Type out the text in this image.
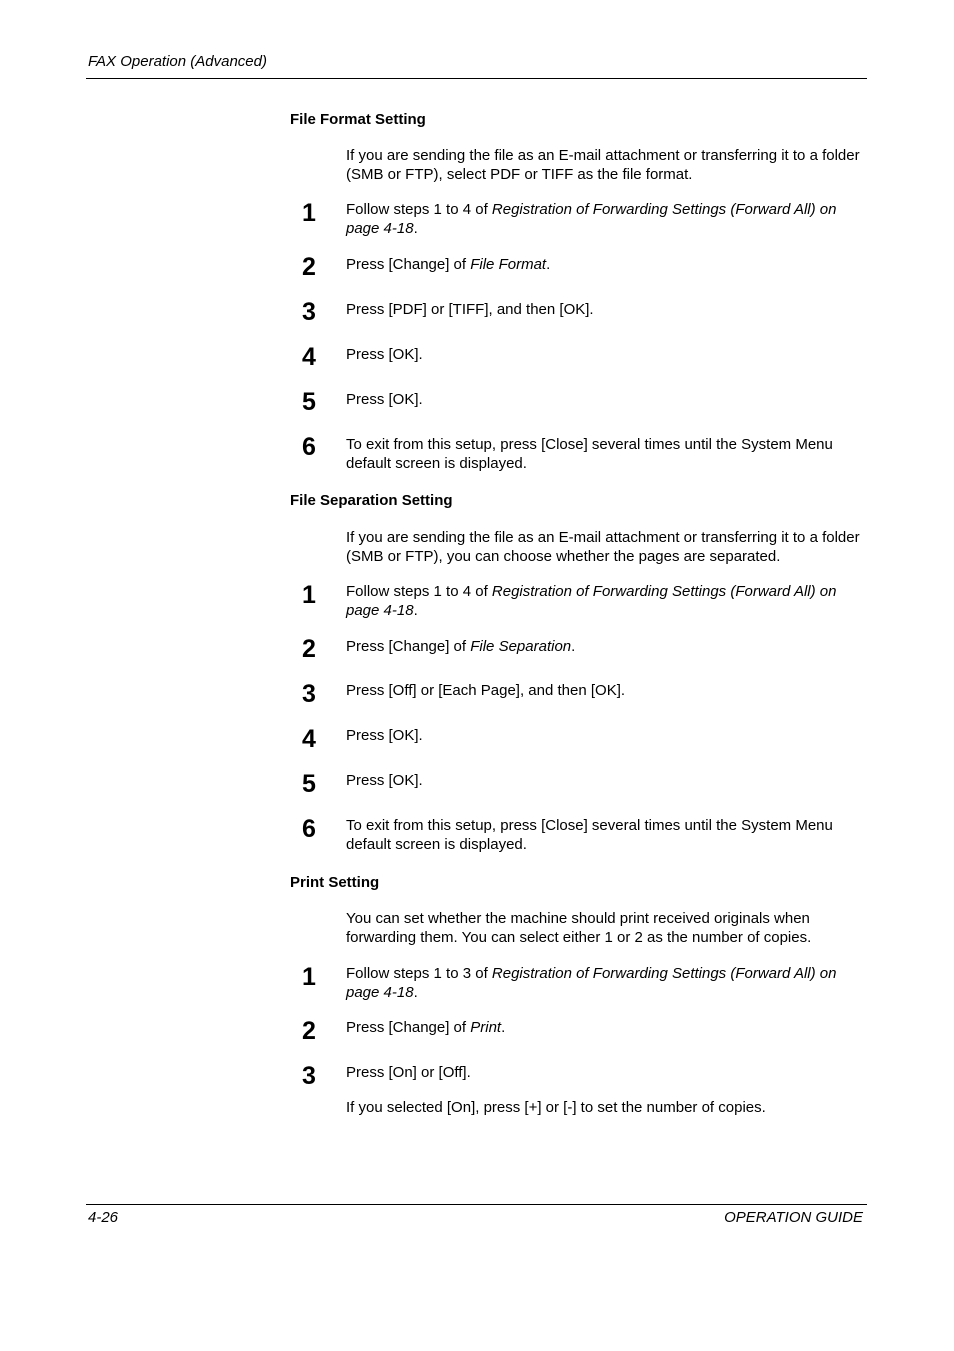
FAX Operation (Advanced)
File Format Setting
If you are sending the file as an E-mail attachment or transferring it to a folder (SMB or FTP), select PDF or TIFF as the file format.
1	Follow steps 1 to 4 of Registration of Forwarding Settings (Forward All) on page 4-18.
2	Press [Change] of File Format.
3	Press [PDF] or [TIFF], and then [OK].
4	Press [OK].
5	Press [OK].
6	To exit from this setup, press [Close] several times until the System Menu default screen is displayed.
File Separation Setting
If you are sending the file as an E-mail attachment or transferring it to a folder (SMB or FTP), you can choose whether the pages are separated.
1	Follow steps 1 to 4 of Registration of Forwarding Settings (Forward All) on page 4-18.
2	Press [Change] of File Separation.
3	Press [Off] or [Each Page], and then [OK].
4	Press [OK].
5	Press [OK].
6	To exit from this setup, press [Close] several times until the System Menu default screen is displayed.
Print Setting
You can set whether the machine should print received originals when forwarding them. You can select either 1 or 2 as the number of copies.
1	Follow steps 1 to 3 of Registration of Forwarding Settings (Forward All) on page 4-18.
2	Press [Change] of Print.
3	Press [On] or [Off].
If you selected [On], press [+] or [-] to set the number of copies.
4-26	OPERATION GUIDE
